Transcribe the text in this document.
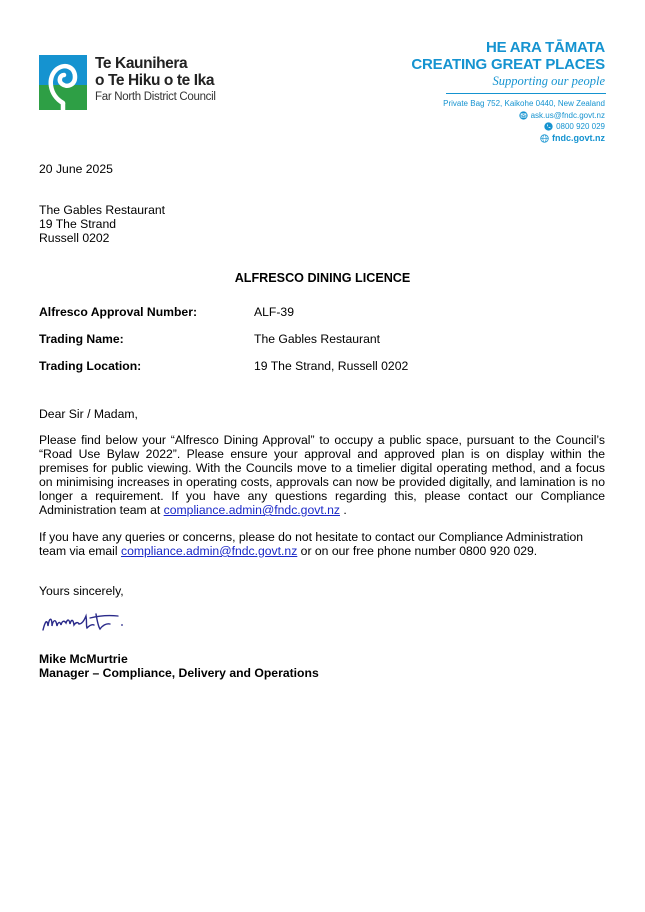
Te Kaunihera
o Te Hiku o te Ika
Far North District Council
HE ARA TĀMATA
CREATING GREAT PLACES
Supporting our people
Private Bag 752, Kaikohe 0440, New Zealand
ask.us@fndc.govt.nz
0800 920 029
fndc.govt.nz
20 June 2025
The Gables Restaurant
19 The Strand
Russell 0202
ALFRESCO DINING LICENCE
Alfresco Approval Number:	ALF-39
Trading Name:	The Gables Restaurant
Trading Location:	19 The Strand, Russell 0202
Dear Sir / Madam,
Please find below your “Alfresco Dining Approval” to occupy a public space, pursuant to the Council’s “Road Use Bylaw 2022”. Please ensure your approval and approved plan is on display within the premises for public viewing. With the Councils move to a timelier digital operating method, and a focus on minimising increases in operating costs, approvals can now be provided digitally, and lamination is no longer a requirement. If you have any questions regarding this, please contact our Compliance Administration team at compliance.admin@fndc.govt.nz .
If you have any queries or concerns, please do not hesitate to contact our Compliance Administration team via email compliance.admin@fndc.govt.nz or on our free phone number 0800 920 029.
Yours sincerely,
Mike McMurtrie
Manager – Compliance, Delivery and Operations
